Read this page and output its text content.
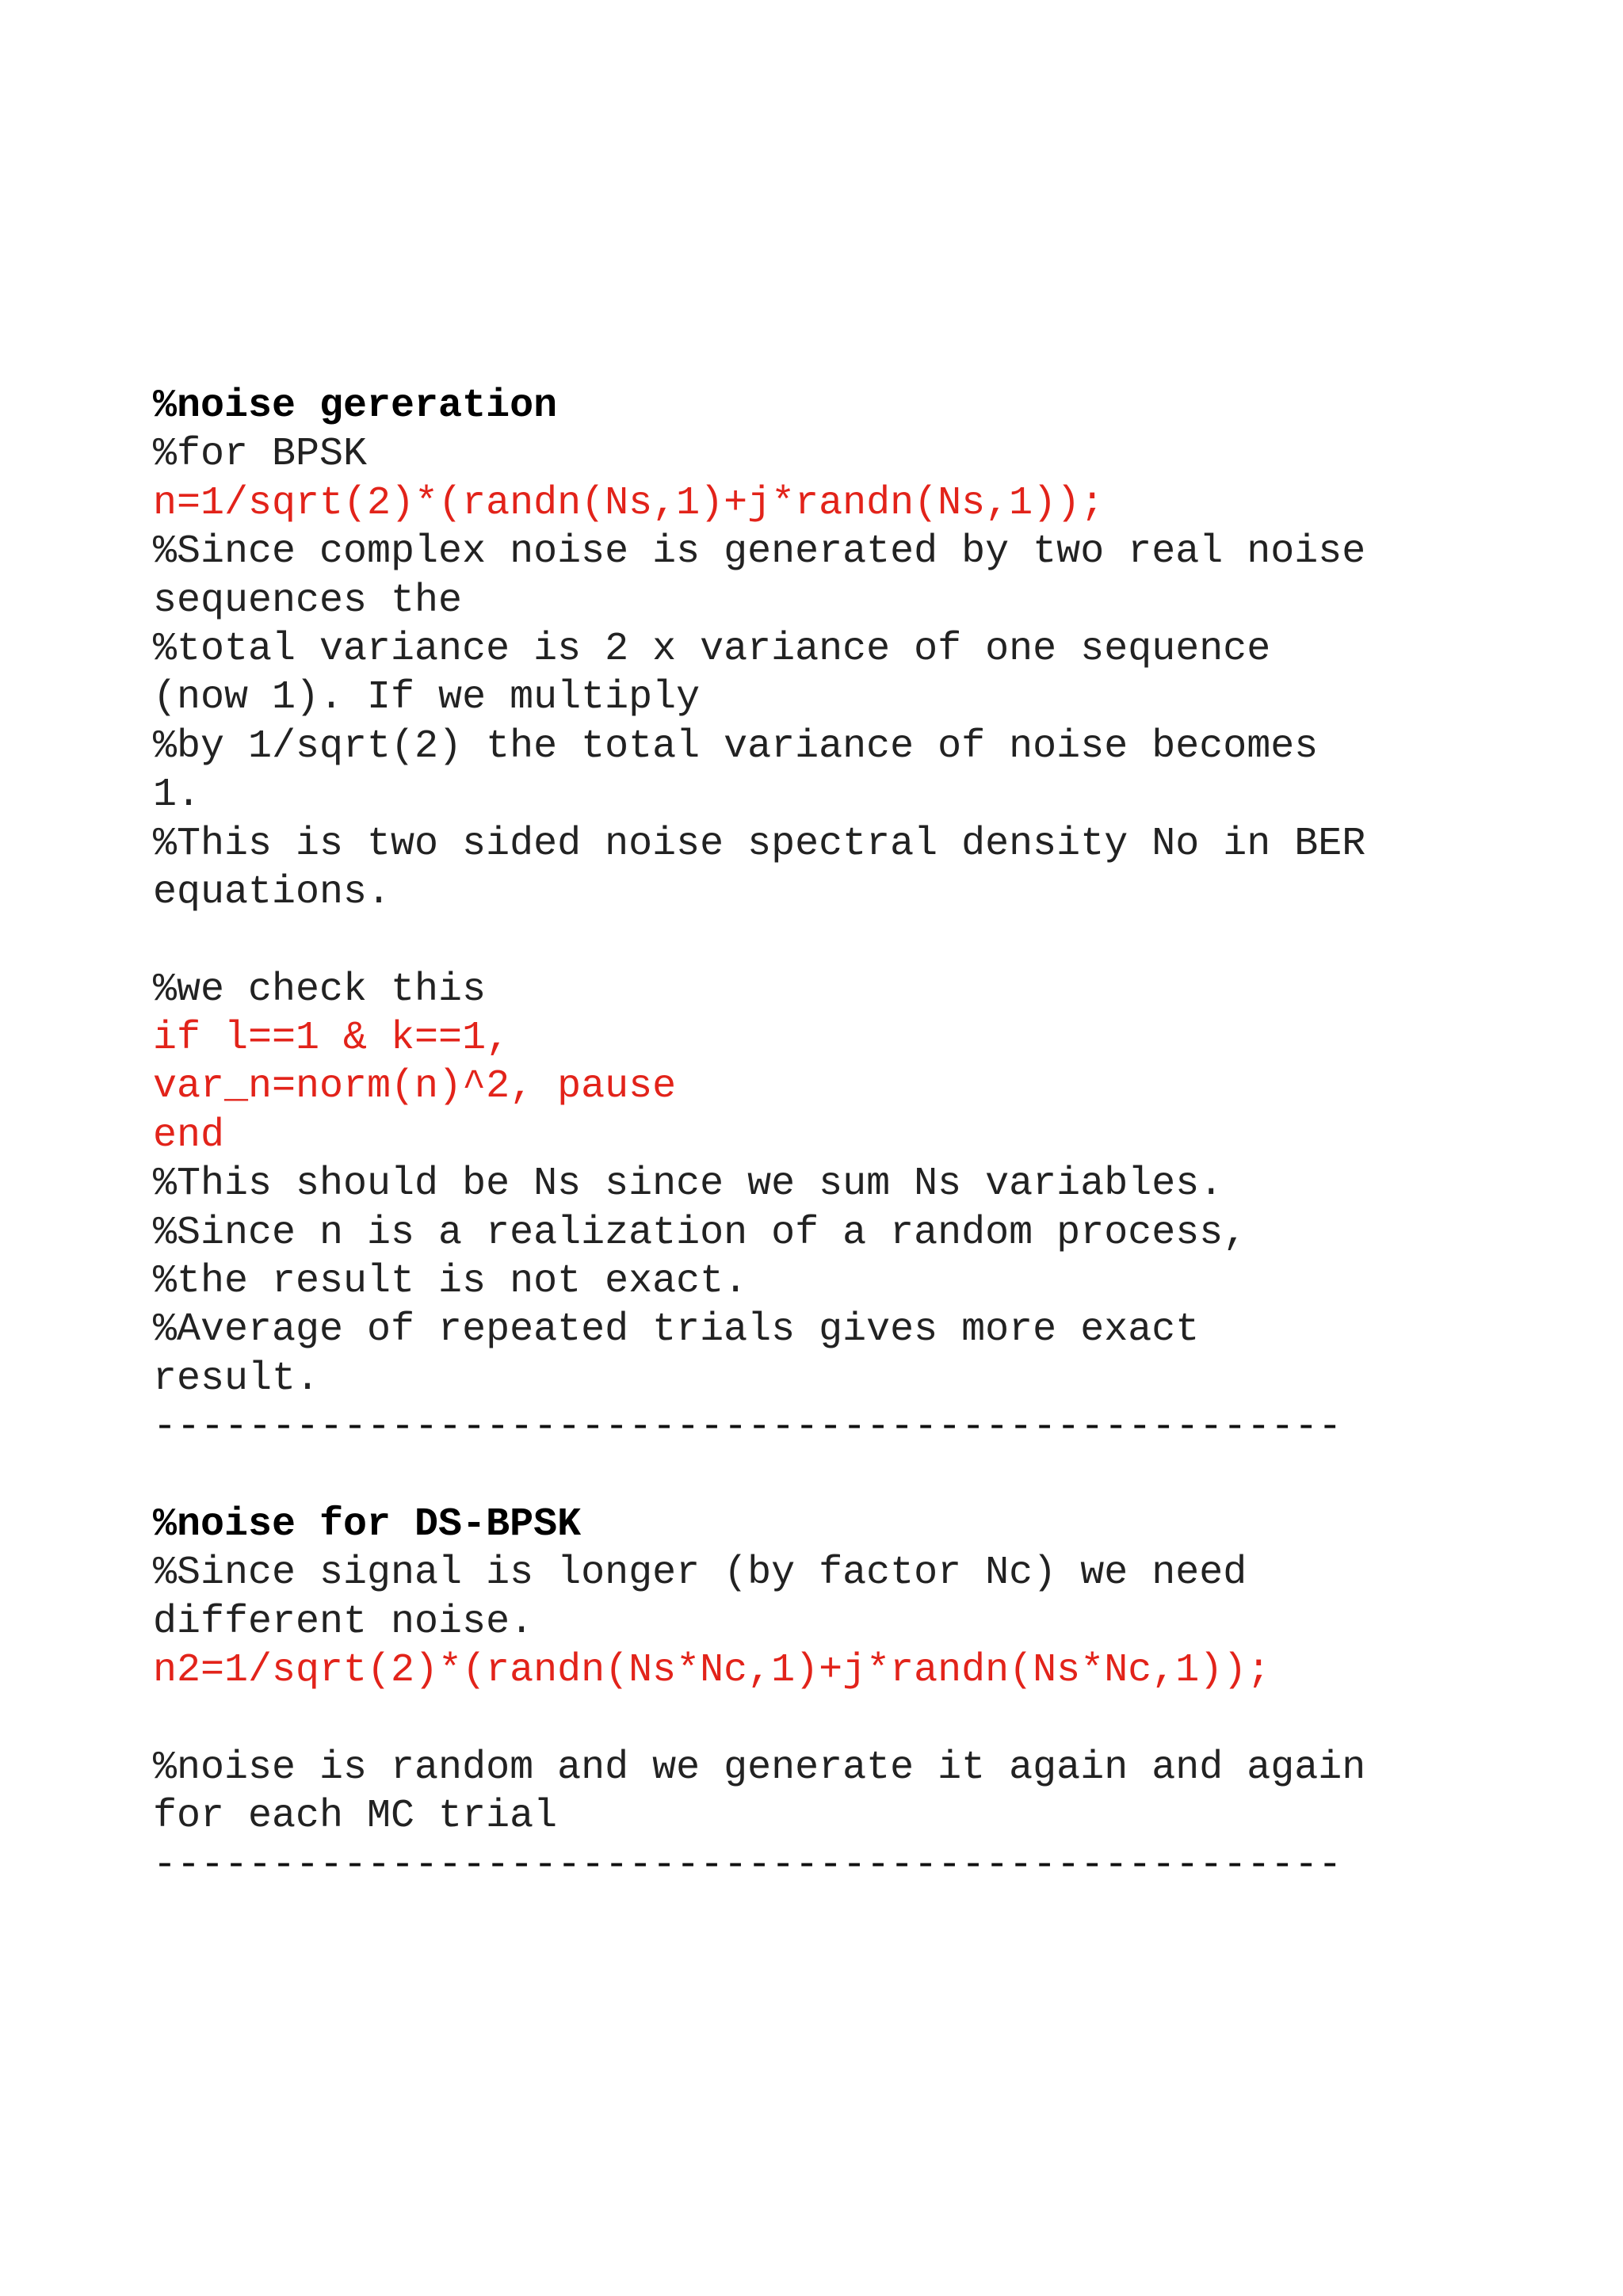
%noise gereration
%for BPSK
n=1/sqrt(2)*(randn(Ns,1)+j*randn(Ns,1));
%Since complex noise is generated by two real noise
sequences the
%total variance is 2 x variance of one sequence
(now 1). If we multiply
%by 1/sqrt(2) the total variance of noise becomes
1.
%This is two sided noise spectral density No in BER
equations.
%we check this
if l==1 & k==1,
var_n=norm(n)^2, pause
end
%This should be Ns since we sum Ns variables.
%Since n is a realization of a random process,
%the result is not exact.
%Average of repeated trials gives more exact
result.
--------------------------------------------------
%noise for DS-BPSK
%Since signal is longer (by factor Nc) we need
different noise.
n2=1/sqrt(2)*(randn(Ns*Nc,1)+j*randn(Ns*Nc,1));
%noise is random and we generate it again and again
for each MC trial
--------------------------------------------------
